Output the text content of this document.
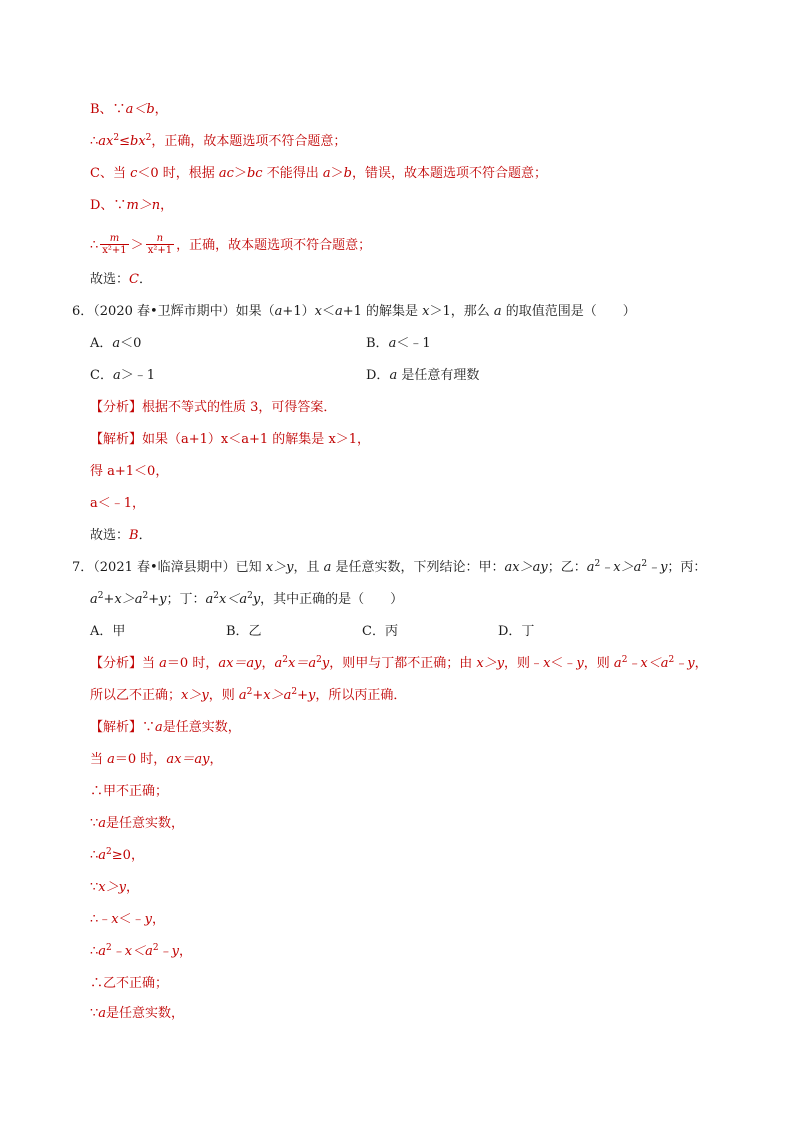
B、∵a＜b，
$\therefore ax^2\le bx^2$，正确，故本题选项不符合题意；
C、当 c＜0 时，根据 ac＞bc 不能得出 a＞b，错误，故本题选项不符合题意；
D、∵m＞n，
∴ $\frac{m}{\text{x²+1}} > \frac{n}{\text{x²+1}}$ ，正确，故本题选项不符合题意；
故选：C．
6．（2020 春•卫辉市期中）如果（a+1）x＜a+1 的解集是 x＞1，那么 a 的取值范围是（　　）
A．a＜0	B．a＜﹣1
C．a＞﹣1	D．a 是任意有理数
【分析】根据不等式的性质 3，可得答案．
【解析】如果（a+1）x＜a+1 的解集是 x＞1，
得 a+1＜0，
a＜﹣1，
故选：B．
7．（2021 春•临漳县期中）已知 x＞y，且 a 是任意实数，下列结论：甲：ax＞ay；乙：$a^2﹣x>a^2﹣y$；丙：
$a^2+x>a^2+y$；丁：$a^2x<a^2y$，其中正确的是（　　）
A．甲	B．乙	C．丙	D．丁
【分析】当 a＝0 时，ax＝ay，$a^2x=a^2y$，则甲与丁都不正确；由 x＞y，则﹣x＜﹣y，则 $a^2﹣x<a^2﹣y$，
所以乙不正确；x＞y，则 $a^2+x>a^2+y$，所以丙正确．
【解析】∵a是任意实数，
当 a＝0 时，ax＝ay，
∴甲不正确；
∵a是任意实数，
$\therefore a^2\ge 0$，
∵x＞y，
∴﹣x＜﹣y，
$\therefore a^2﹣x<a^2﹣y$，
∴乙不正确；
∵a是任意实数，
